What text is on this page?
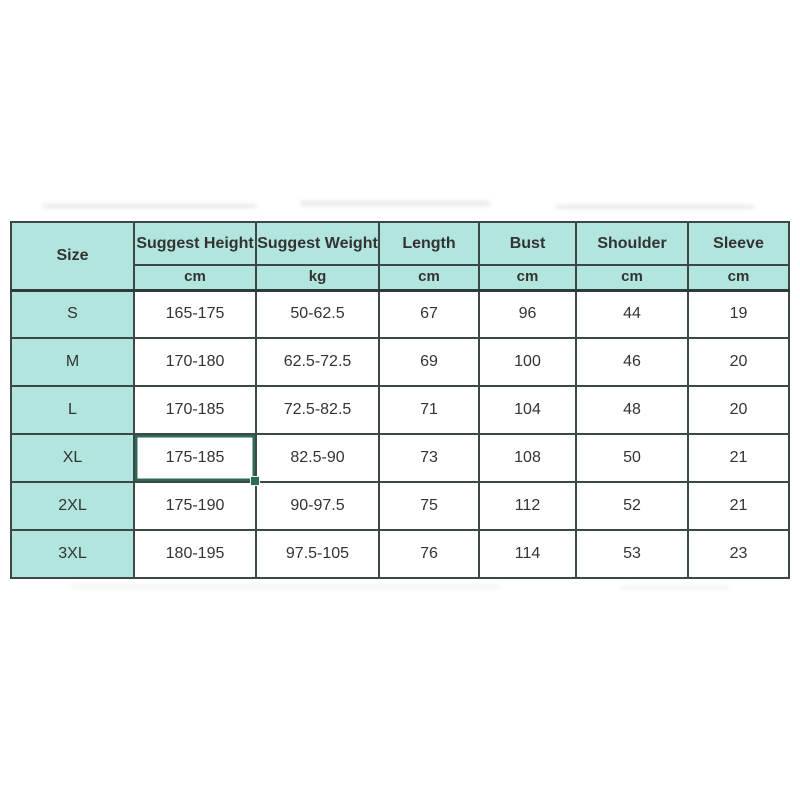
Size	Suggest Height	Suggest Weight	Length	Bust	Shoulder	Sleeve
	cm	kg	cm	cm	cm	cm
S	165-175	50-62.5	67	96	44	19
M	170-180	62.5-72.5	69	100	46	20
L	170-185	72.5-82.5	71	104	48	20
XL	175-185	82.5-90	73	108	50	21
2XL	175-190	90-97.5	75	112	52	21
3XL	180-195	97.5-105	76	114	53	23
